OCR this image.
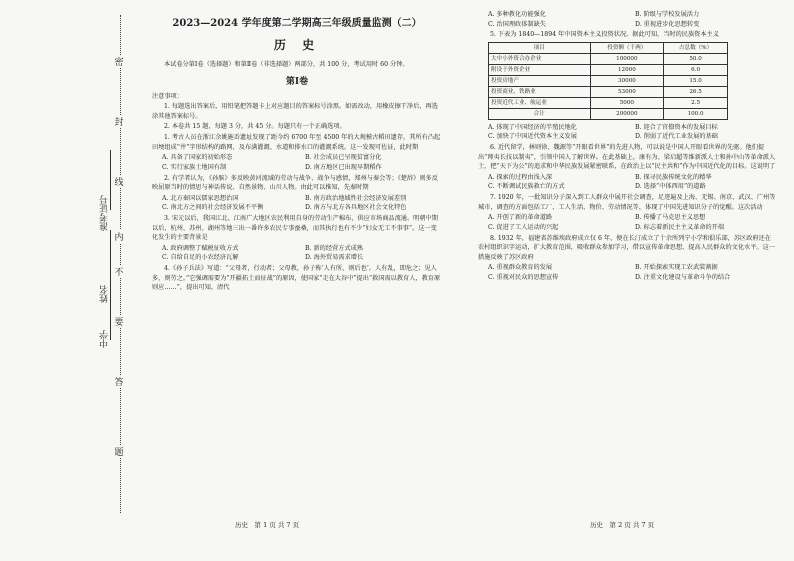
密
封
线
内
不
要
答
题
中学
姓名
准考证号
2023—2024 学年度第二学期高三年级质量监测（二）
历 史

本试卷分第Ⅰ卷（选择题）和第Ⅱ卷（非选择题）两部分，共 100 分，考试用时 60 分钟。

第Ⅰ卷

注意事项：

1. 每题选出答案后，用铅笔把答题卡上对应题目的答案标号涂黑。如需改动，用橡皮擦干净后，再选涂其他答案标号。

2. 本卷共 15 题，每题 3 分，共 45 分。每题只有一个正确选项。

1. 考古人员在浙江余姚施岙遗址发现了距今约 6700 年至 4500 年的大规模古稻田遗存，其所有凸起田埂组成“井”字形结构的路网，及布满灌溉、水道和排水口的灌溉系统。这一发现可佐证，此时期

A. 具备了国家的初始形态	B. 社会成员已呈现贫富分化
C. 实行家族土地国有制	D. 南方地区已出现早期稻作

2. 有学者认为，《孙膑》多反映黄河流域的劳动与战争、战争与感情，郑州与秦会等；《楚辞》则多反映屈原当时的情思与神话传说、自然景物、山川人物。由此可以推知，先秦时期

A. 北方秦国以儒家思想治国	B. 南方政治地域性社会经济发展差别
C. 南北方之间的社会经济发展不平衡	D. 南方与北方各具地区社会文化特色

3. 宋元以后，我国江北、江南广大地区农民利用自身的劳动生产棉布，供应市场商品流通。明朝中期以后，杭州、苏州、湖州等地三出一番许多农民专事蚕桑，而其执行也有不少“妇女无工不事事”。这一变化发生的主要背景是

A. 政府调整了赋税征收方式	B. 新的经营方式成熟
C. 自给自足的小农经济瓦解	D. 海外贸易需求增长

4.《孙子兵法》写道：“父母者，行动者；父母教，孙子称‘人有所，则后也’。人有乱，即危之；见人多，则劳之。”它强调需要为“开疆拓土而征战”的原因，使国家“走在大谷中”提出“救国需以教育人，教育原则应……”，提出可知，清代

历史　第 1 页 共 7 页
A. 多种教化功能强化	B. 阶级与学校发展活力
C. 治国理政体制缺失	D. 重视进步化思想转变

5. 下表为 1840—1894 年中国资本主义投资状况。据此可知，当时的民族资本主义

项目	投资额（千两）	占总数（%）
大中小外资合办企业	100000	50.0
附设于外资企业	12000	6.0
投资房地产	30000	15.0
投资商业、铁路业	53000	26.5
投资近代工业、航运业	5000	2.5
合计	200000	100.0
A. 体现了中国经济的半殖民地化	B. 迎合了官僚资本的发展目标
C. 加快了中国近代资本主义发展	D. 削弱了近代工业发展的基础

6. 近代留学，林则徐、魏源等“开眼看世界”的先进人物，可以说是中国人开眼看世界的先驱。他们提出“师夷长技以制夷”，引领中国人了解世界。在此基础上，康有为、梁启超等维新派人士和孙中山等革命派人士，把“天下为公”的追求和中华民族发展紧密联系，在政治上以“民主共和”作为中国近代化的目标。这说明了

A. 探索的过程由浅入深	B. 探寻民族传统文化的精华
C. 不断调试民族救亡的方式	D. 选择“中体西用”的道路

7. 1920 年，一批知识分子深入到工人群众中展开社会调查，足迹遍及上海、无锡、南京、武汉、广州等城市，调查的方面包括工厂、工人生活、物价、劳动情况等，体现了中国先进知识分子的觉醒。这次活动

A. 开创了新的革命道路	B. 传播了马克思主义思想
C. 促进了工人运动的兴起	D. 标志着新民主主义革命的开端

8. 1932 年，福建省苏维埃政府成立仅 6 年，便在长汀成立了十余所列宁小学和俱乐部，苏区政府还在农村组织识字运动，扩大教育范围，吸收群众参加学习，借以宣传革命思想，提高人民群众的文化水平。这一措施反映了苏区政府

A. 重视群众教育的发展	B. 开始探索实现工农武装割据
C. 重视对民众的思想宣传	D. 注重文化建设与革命斗争的结合
历史　第 2 页 共 7 页
